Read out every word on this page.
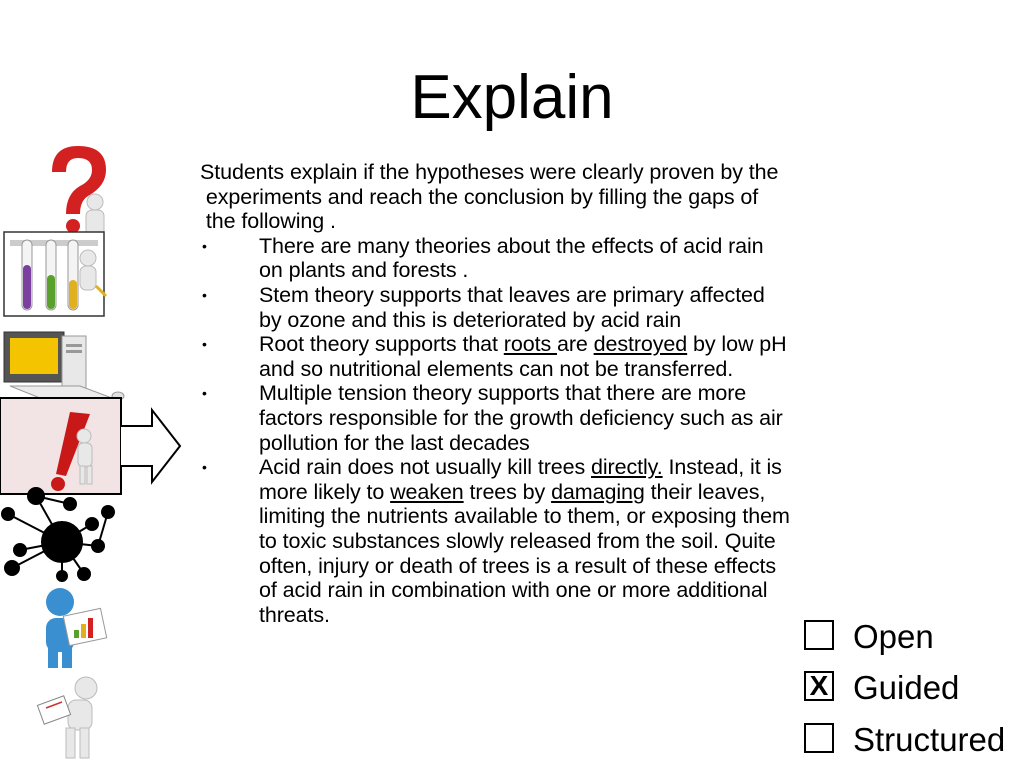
Explain
Students explain if the hypotheses were clearly proven by the
experiments and reach the conclusion by filling the gaps of
the following .
• There are many theories about the effects of acid rain
on plants and forests .
• Stem theory supports that leaves are primary affected
by ozone and this is deteriorated by acid rain
• Root theory supports that roots are destroyed by low pH
and so nutritional elements can not be transferred.
• Multiple tension theory supports that there are more
factors responsible for the growth deficiency such as air
pollution for the last decades
• Acid rain does not usually kill trees directly. Instead, it is
more likely to weaken trees by damaging their leaves,
limiting the nutrients available to them, or exposing them
to toxic substances slowly released from the soil. Quite
often, injury or death of trees is a result of these effects
of acid rain in combination with one or more additional
threats.
Open
X Guided
Structured
